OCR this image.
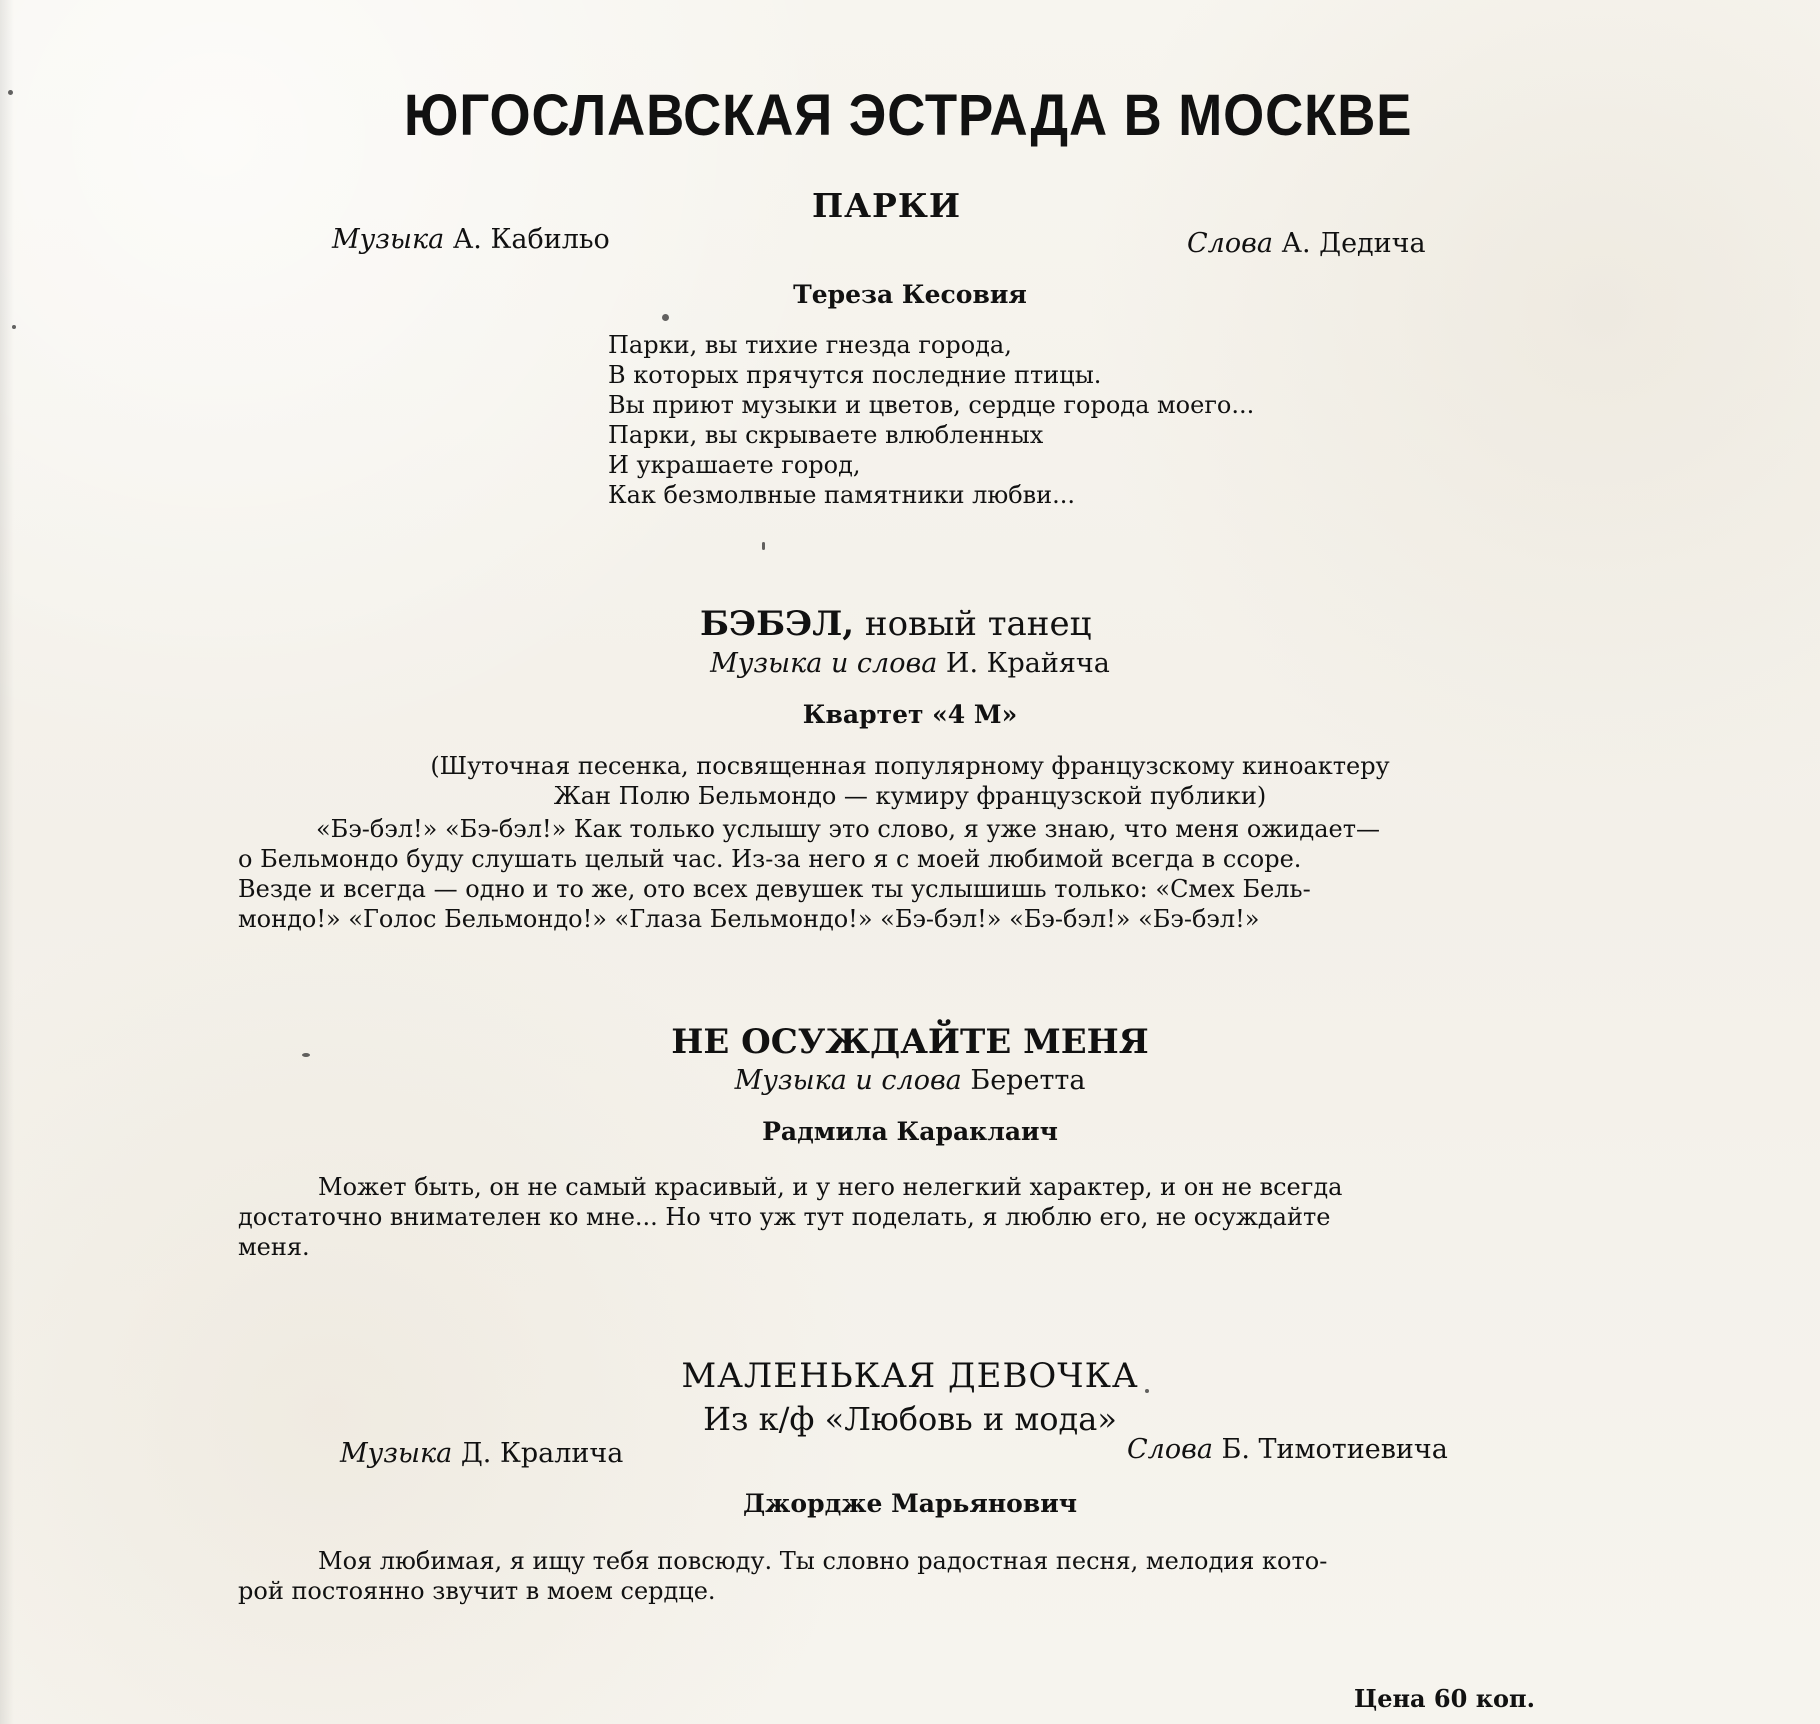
ЮГОСЛАВСКАЯ ЭСТРАДА В МОСКВЕ
ПАРКИ
Музыка А. Кабильо	Слова А. Дедича
Тереза Кесовия
Парки, вы тихие гнезда города,
В которых прячутся последние птицы.
Вы приют музыки и цветов, сердце города моего...
Парки, вы скрываете влюбленных
И украшаете город,
Как безмолвные памятники любви...
БЭБЭЛ, новый танец
Музыка и слова И. Крайяча
Квартет «4 М»
(Шуточная песенка, посвященная популярному французскому киноактеру
Жан Полю Бельмондо — кумиру французской публики)
«Бэ-бэл!» «Бэ-бэл!» Как только услышу это слово, я уже знаю, что меня ожидает—
о Бельмондо буду слушать целый час. Из-за него я с моей любимой всегда в ссоре.
Везде и всегда — одно и то же, ото всех девушек ты услышишь только: «Смех Бель-
мондо!» «Голос Бельмондо!» «Глаза Бельмондо!» «Бэ-бэл!» «Бэ-бэл!» «Бэ-бэл!»
НЕ ОСУЖДАЙТЕ МЕНЯ
Музыка и слова Беретта
Радмила Караклаич
Может быть, он не самый красивый, и у него нелегкий характер, и он не всегда
достаточно внимателен ко мне... Но что уж тут поделать, я люблю его, не осуждайте
меня.
МАЛЕНЬКАЯ ДЕВОЧКА
Из к/ф «Любовь и мода»
Музыка Д. Кралича	Слова Б. Тимотиевича
Джордже Марьянович
Моя любимая, я ищу тебя повсюду. Ты словно радостная песня, мелодия кото-
рой постоянно звучит в моем сердце.
Цена 60 коп.
